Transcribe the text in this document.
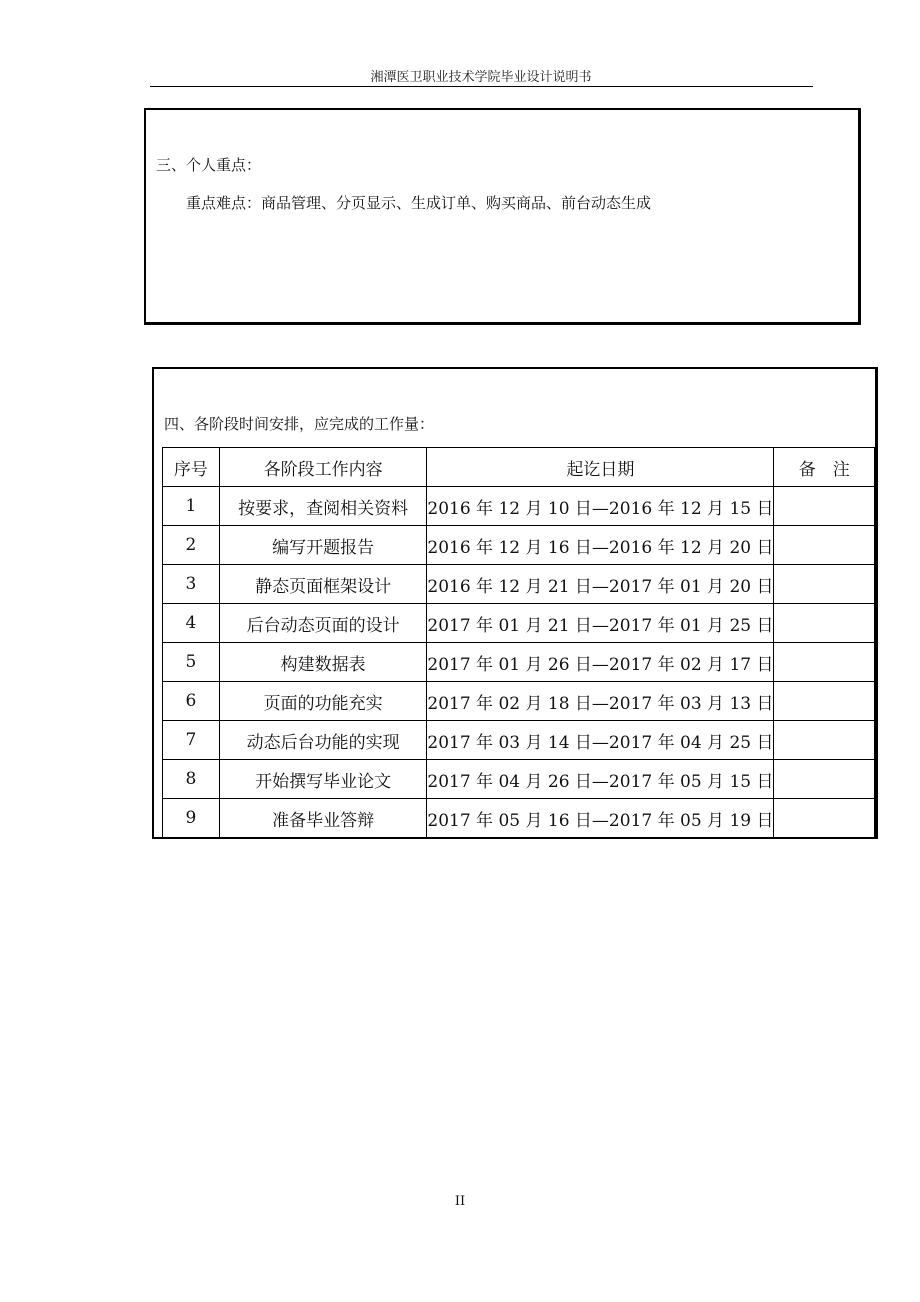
湘潭医卫职业技术学院毕业设计说明书
三、个人重点：
重点难点：商品管理、分页显示、生成订单、购买商品、前台动态生成
四、各阶段时间安排，应完成的工作量：
序号	各阶段工作内容	起讫日期	备　注
1	按要求，查阅相关资料	2016 年 12 月 10 日—2016 年 12 月 15 日	
2	编写开题报告	2016 年 12 月 16 日—2016 年 12 月 20 日	
3	静态页面框架设计	2016 年 12 月 21 日—2017 年 01 月 20 日	
4	后台动态页面的设计	2017 年 01 月 21 日—2017 年 01 月 25 日	
5	构建数据表	2017 年 01 月 26 日—2017 年 02 月 17 日	
6	页面的功能充实	2017 年 02 月 18 日—2017 年 03 月 13 日	
7	动态后台功能的实现	2017 年 03 月 14 日—2017 年 04 月 25 日	
8	开始撰写毕业论文	2017 年 04 月 26 日—2017 年 05 月 15 日	
9	准备毕业答辩	2017 年 05 月 16 日—2017 年 05 月 19 日	
II
